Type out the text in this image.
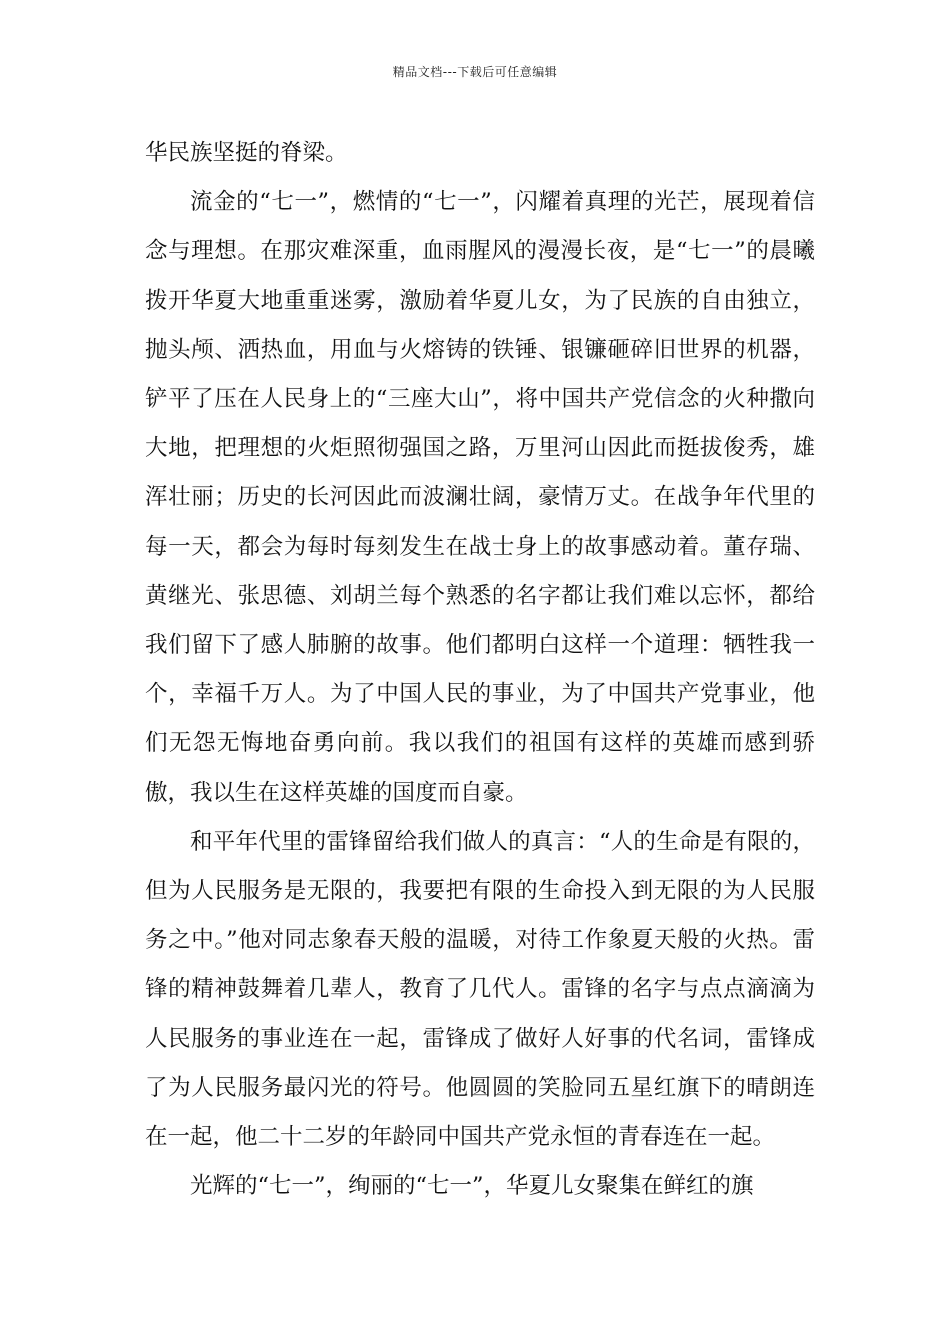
精品文档---下载后可任意编辑

华民族坚挺的脊梁。

流金的“七一”，燃情的“七一”，闪耀着真理的光芒，展现着信念与理想。在那灾难深重，血雨腥风的漫漫长夜，是“七一”的晨曦拨开华夏大地重重迷雾，激励着华夏儿女，为了民族的自由独立，抛头颅、洒热血，用血与火熔铸的铁锤、银镰砸碎旧世界的机器，铲平了压在人民身上的“三座大山”，将中国共产党信念的火种撒向大地，把理想的火炬照彻强国之路，万里河山因此而挺拔俊秀，雄浑壮丽；历史的长河因此而波澜壮阔，豪情万丈。在战争年代里的每一天，都会为每时每刻发生在战士身上的故事感动着。董存瑞、黄继光、张思德、刘胡兰每个熟悉的名字都让我们难以忘怀，都给我们留下了感人肺腑的故事。他们都明白这样一个道理：牺牲我一个，幸福千万人。为了中国人民的事业，为了中国共产党事业，他们无怨无悔地奋勇向前。我以我们的祖国有这样的英雄而感到骄傲，我以生在这样英雄的国度而自豪。

和平年代里的雷锋留给我们做人的真言：“人的生命是有限的，但为人民服务是无限的，我要把有限的生命投入到无限的为人民服务之中。”他对同志象春天般的温暖，对待工作象夏天般的火热。雷锋的精神鼓舞着几辈人，教育了几代人。雷锋的名字与点点滴滴为人民服务的事业连在一起，雷锋成了做好人好事的代名词，雷锋成了为人民服务最闪光的符号。他圆圆的笑脸同五星红旗下的晴朗连在一起，他二十二岁的年龄同中国共产党永恒的青春连在一起。

光辉的“七一”，绚丽的“七一”，华夏儿女聚集在鲜红的旗
